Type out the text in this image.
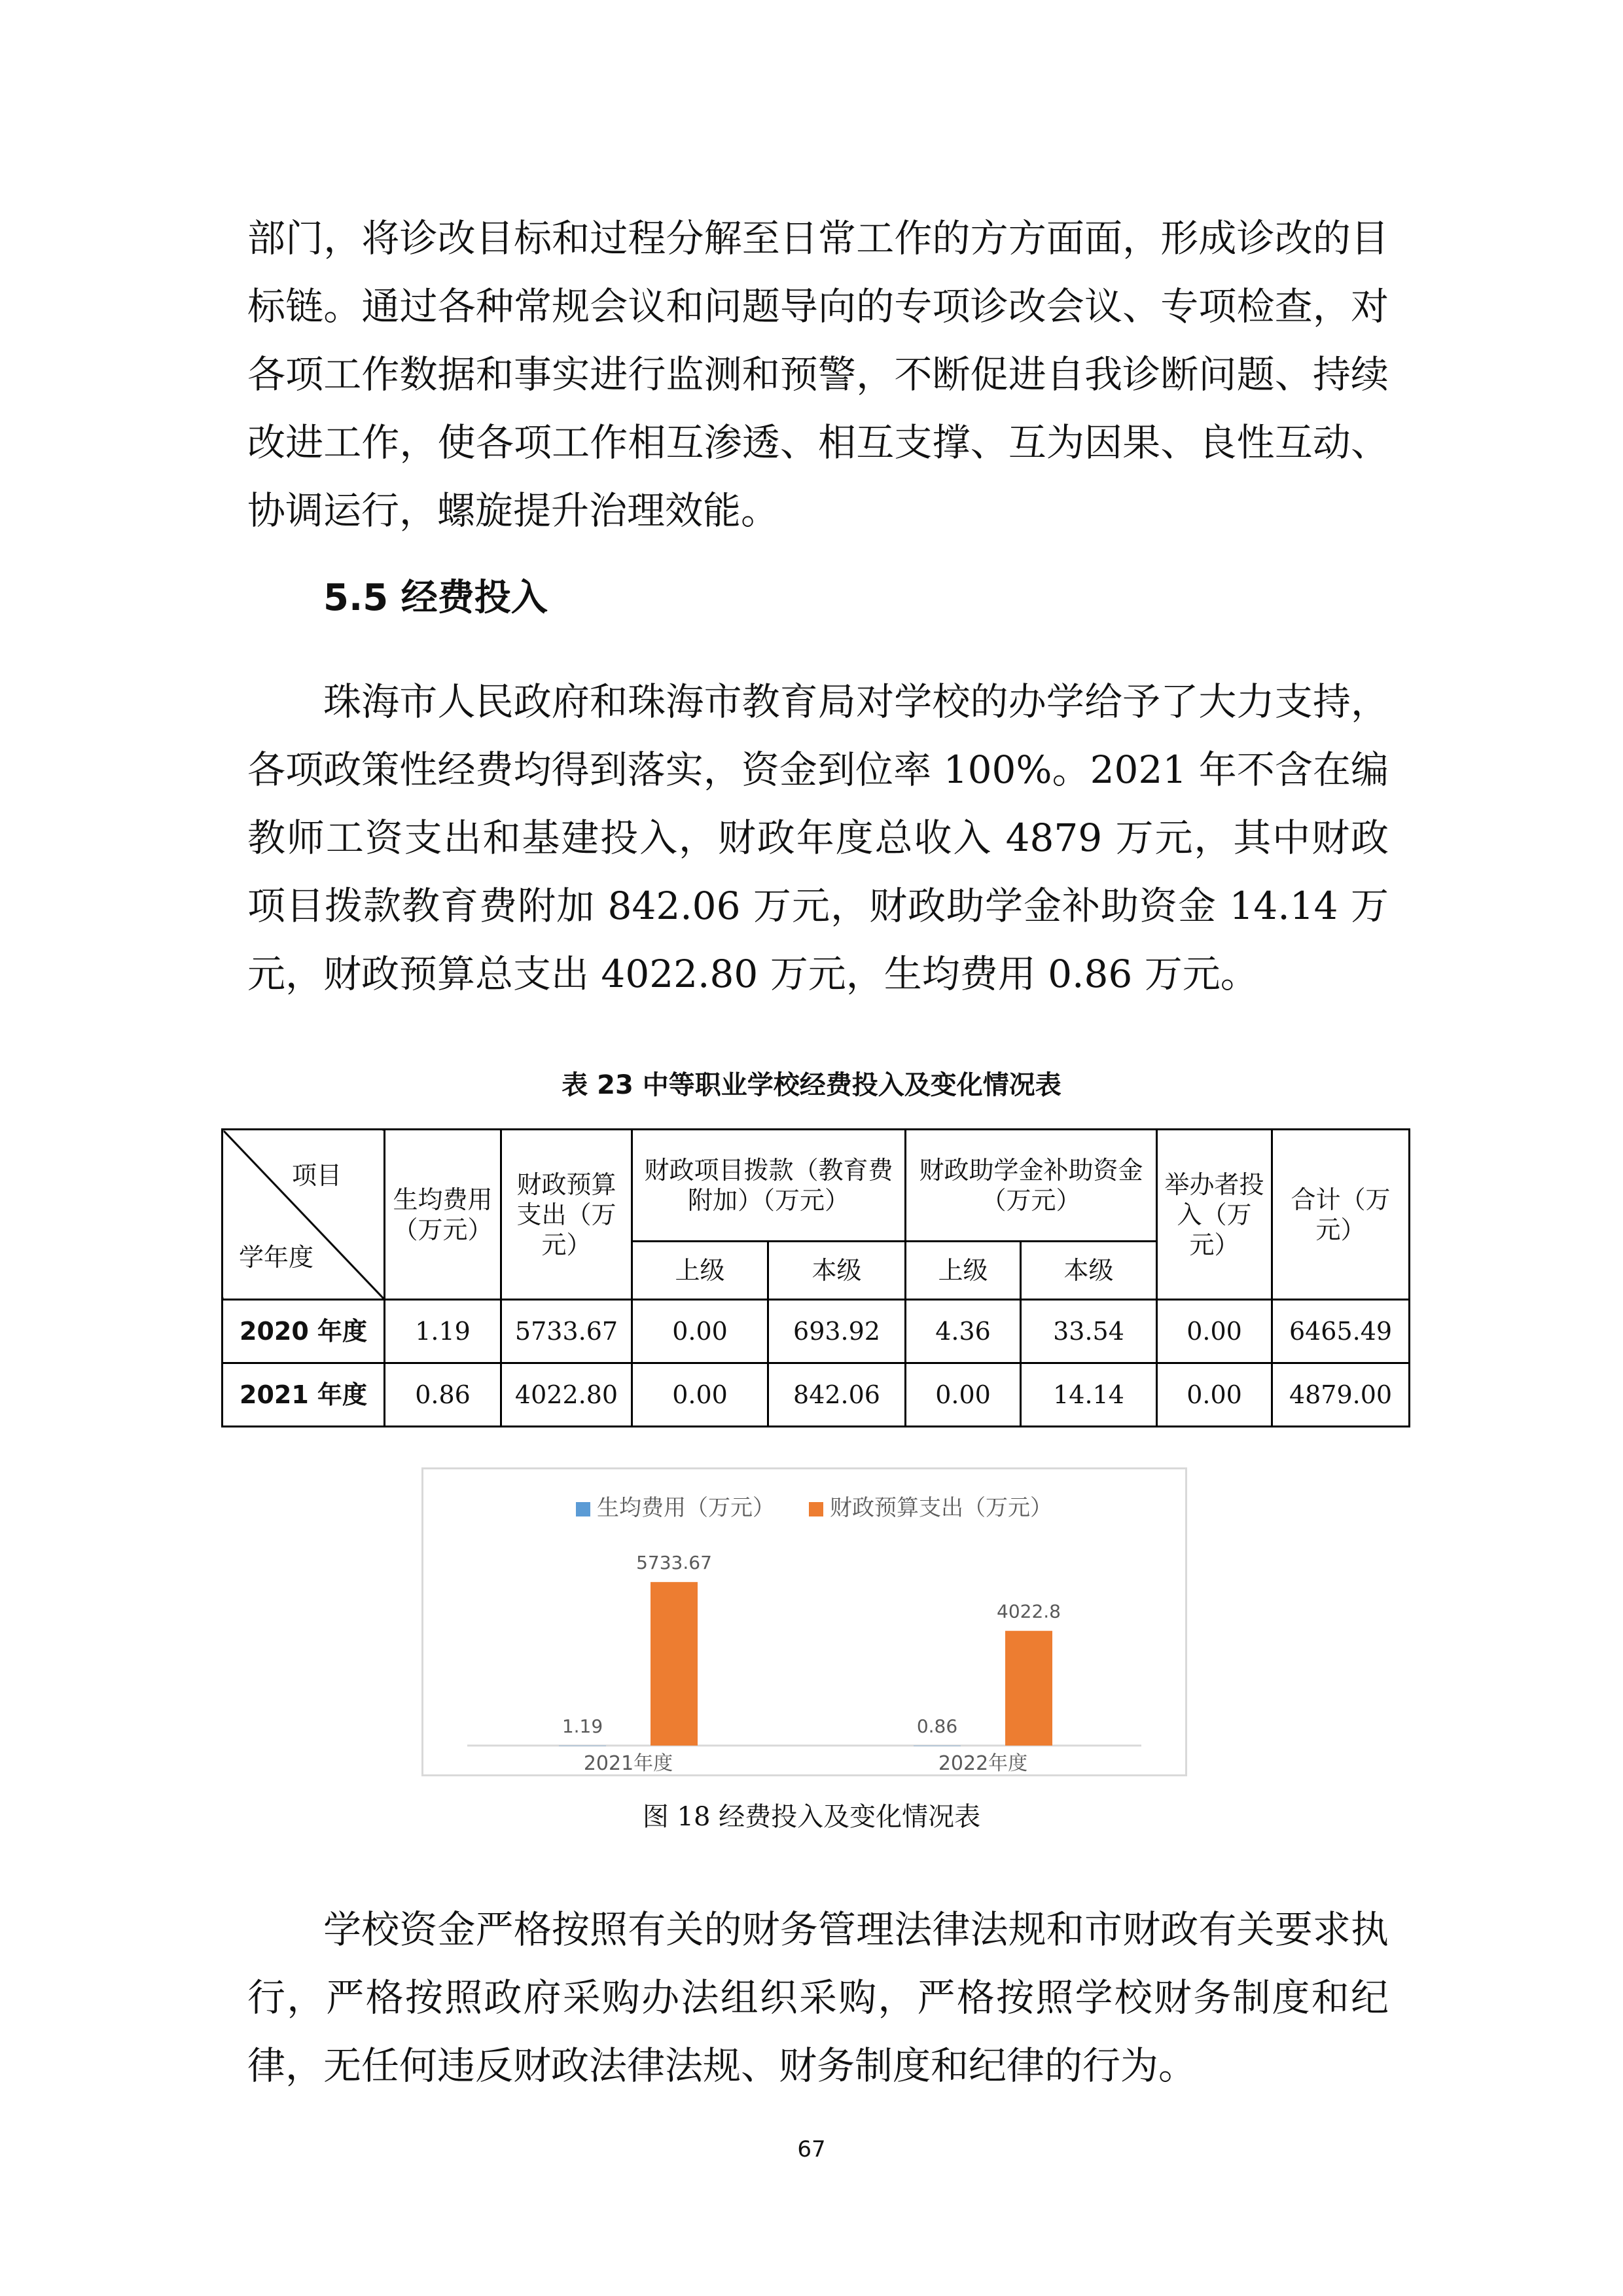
部门，将诊改目标和过程分解至日常工作的方方面面，形成诊改的目标链。通过各种常规会议和问题导向的专项诊改会议、专项检查，对各项工作数据和事实进行监测和预警，不断促进自我诊断问题、持续改进工作，使各项工作相互渗透、相互支撑、互为因果、良性互动、协调运行，螺旋提升治理效能。

5.5 经费投入

珠海市人民政府和珠海市教育局对学校的办学给予了大力支持，各项政策性经费均得到落实，资金到位率 100%。2021 年不含在编教师工资支出和基建投入，财政年度总收入 4879 万元，其中财政项目拨款教育费附加 842.06 万元，财政助学金补助资金 14.14 万元，财政预算总支出 4022.80 万元，生均费用 0.86 万元。

表 23 中等职业学校经费投入及变化情况表
项目
学年度	生均费用（万元）	财政预算支出（万元）	财政项目拨款（教育费附加）（万元）		财政助学金补助资金（万元）		举办者投入（万元）	合计（万元）
			上级	本级	上级	本级		
2020 年度	1.19	5733.67	0.00	693.92	4.36	33.54	0.00	6465.49
2021 年度	0.86	4022.80	0.00	842.06	0.00	14.14	0.00	4879.00
生均费用（万元） 财政预算支出（万元）
1.19
5733.67
2021年度
0.86
4022.8
2022年度
图 18 经费投入及变化情况表

学校资金严格按照有关的财务管理法律法规和市财政有关要求执行，严格按照政府采购办法组织采购，严格按照学校财务制度和纪律，无任何违反财政法律法规、财务制度和纪律的行为。

67
